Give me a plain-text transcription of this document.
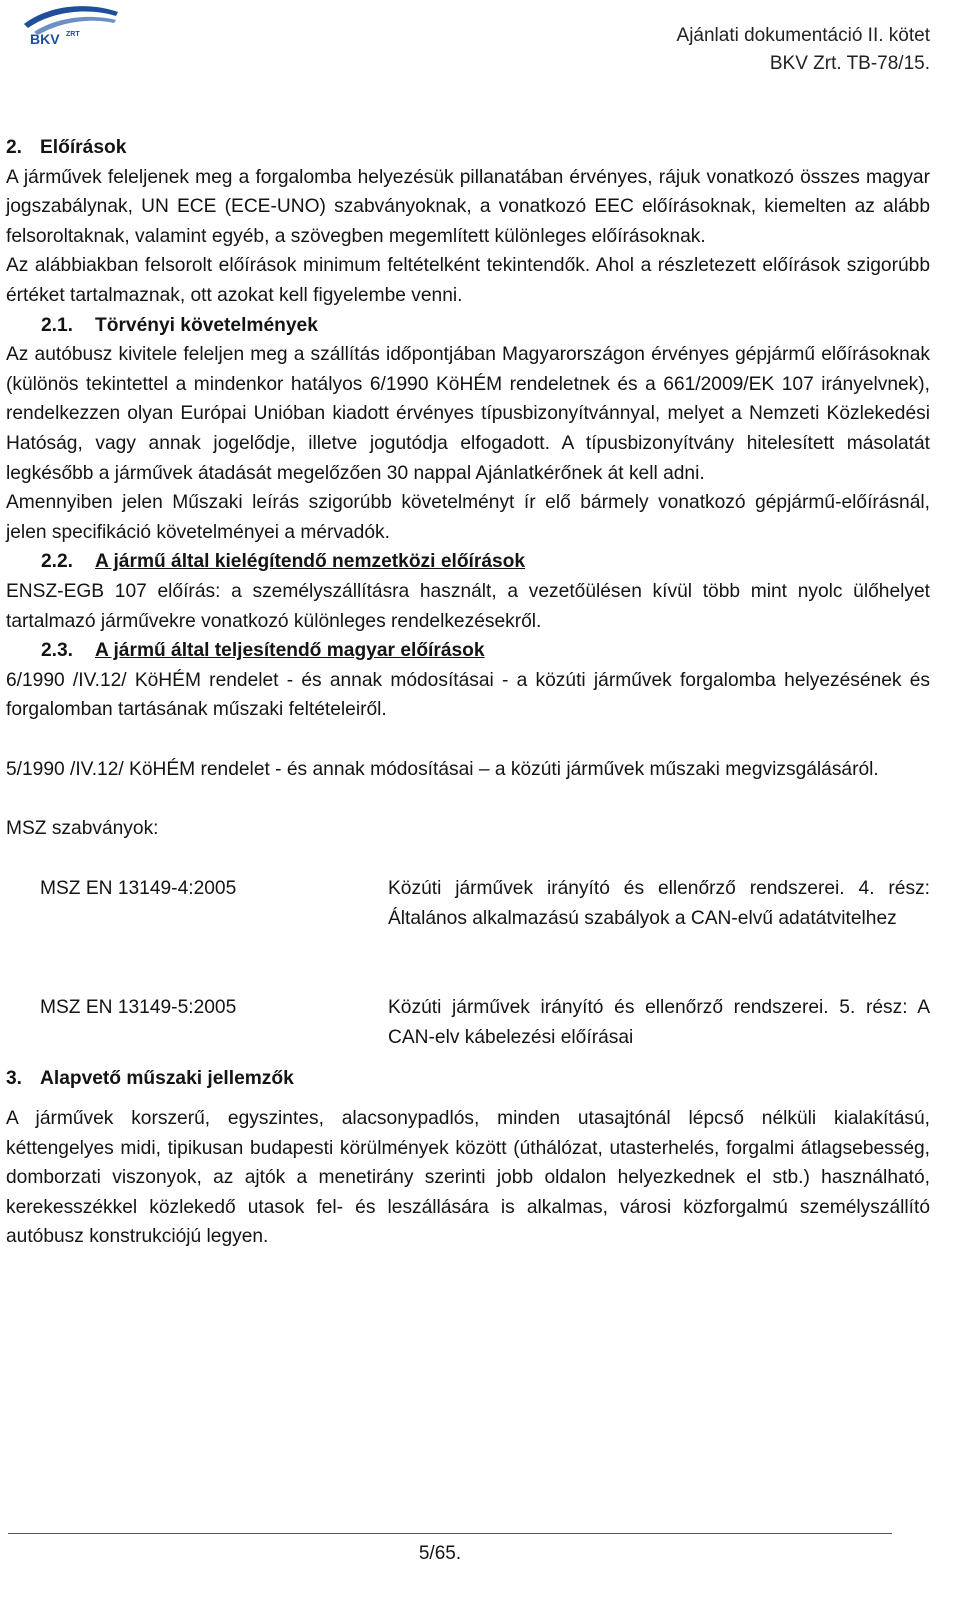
BKV ZRT	Ajánlati dokumentáció II. kötet
BKV Zrt. TB-78/15.

2. Előírások

A járművek feleljenek meg a forgalomba helyezésük pillanatában érvényes, rájuk vonatkozó összes magyar jogszabálynak, UN ECE (ECE-UNO) szabványoknak, a vonatkozó EEC előírásoknak, kiemelten az alább felsoroltaknak, valamint egyéb, a szövegben megemlített különleges előírásoknak.

Az alábbiakban felsorolt előírások minimum feltételként tekintendők. Ahol a részletezett előírások szigorúbb értéket tartalmaznak, ott azokat kell figyelembe venni.

2.1. Törvényi követelmények

Az autóbusz kivitele feleljen meg a szállítás időpontjában Magyarországon érvényes gépjármű előírásoknak (különös tekintettel a mindenkor hatályos 6/1990 KöHÉM rendeletnek és a 661/2009/EK 107 irányelvnek), rendelkezzen olyan Európai Unióban kiadott érvényes típusbizonyítvánnyal, melyet a Nemzeti Közlekedési Hatóság, vagy annak jogelődje, illetve jogutódja elfogadott. A típusbizonyítvány hitelesített másolatát legkésőbb a járművek átadását megelőzően 30 nappal Ajánlatkérőnek át kell adni.

Amennyiben jelen Műszaki leírás szigorúbb követelményt ír elő bármely vonatkozó gépjármű-előírásnál, jelen specifikáció követelményei a mérvadók.

2.2. A jármű által kielégítendő nemzetközi előírások

ENSZ-EGB 107 előírás: a személyszállításra használt, a vezetőülésen kívül több mint nyolc ülőhelyet tartalmazó járművekre vonatkozó különleges rendelkezésekről.

2.3. A jármű által teljesítendő magyar előírások

6/1990 /IV.12/ KöHÉM rendelet - és annak módosításai - a közúti járművek forgalomba helyezésének és forgalomban tartásának műszaki feltételeiről.

5/1990 /IV.12/ KöHÉM rendelet - és annak módosításai – a közúti járművek műszaki megvizsgálásáról.

MSZ szabványok:

MSZ EN 13149-4:2005	Közúti járművek irányító és ellenőrző rendszerei. 4. rész: Általános alkalmazású szabályok a CAN-elvű adatátvitelhez
MSZ EN 13149-5:2005	Közúti járművek irányító és ellenőrző rendszerei. 5. rész: A CAN-elv kábelezési előírásai

3. Alapvető műszaki jellemzők

A járművek korszerű, egyszintes, alacsonypadlós, minden utasajtónál lépcső nélküli kialakítású, kéttengelyes midi, tipikusan budapesti körülmények között (úthálózat, utasterhelés, forgalmi átlagsebesség, domborzati viszonyok, az ajtók a menetirány szerinti jobb oldalon helyezkednek el stb.) használható, kerekesszékkel közlekedő utasok fel- és leszállására is alkalmas, városi közforgalmú személyszállító autóbusz konstrukciójú legyen.

5/65.
